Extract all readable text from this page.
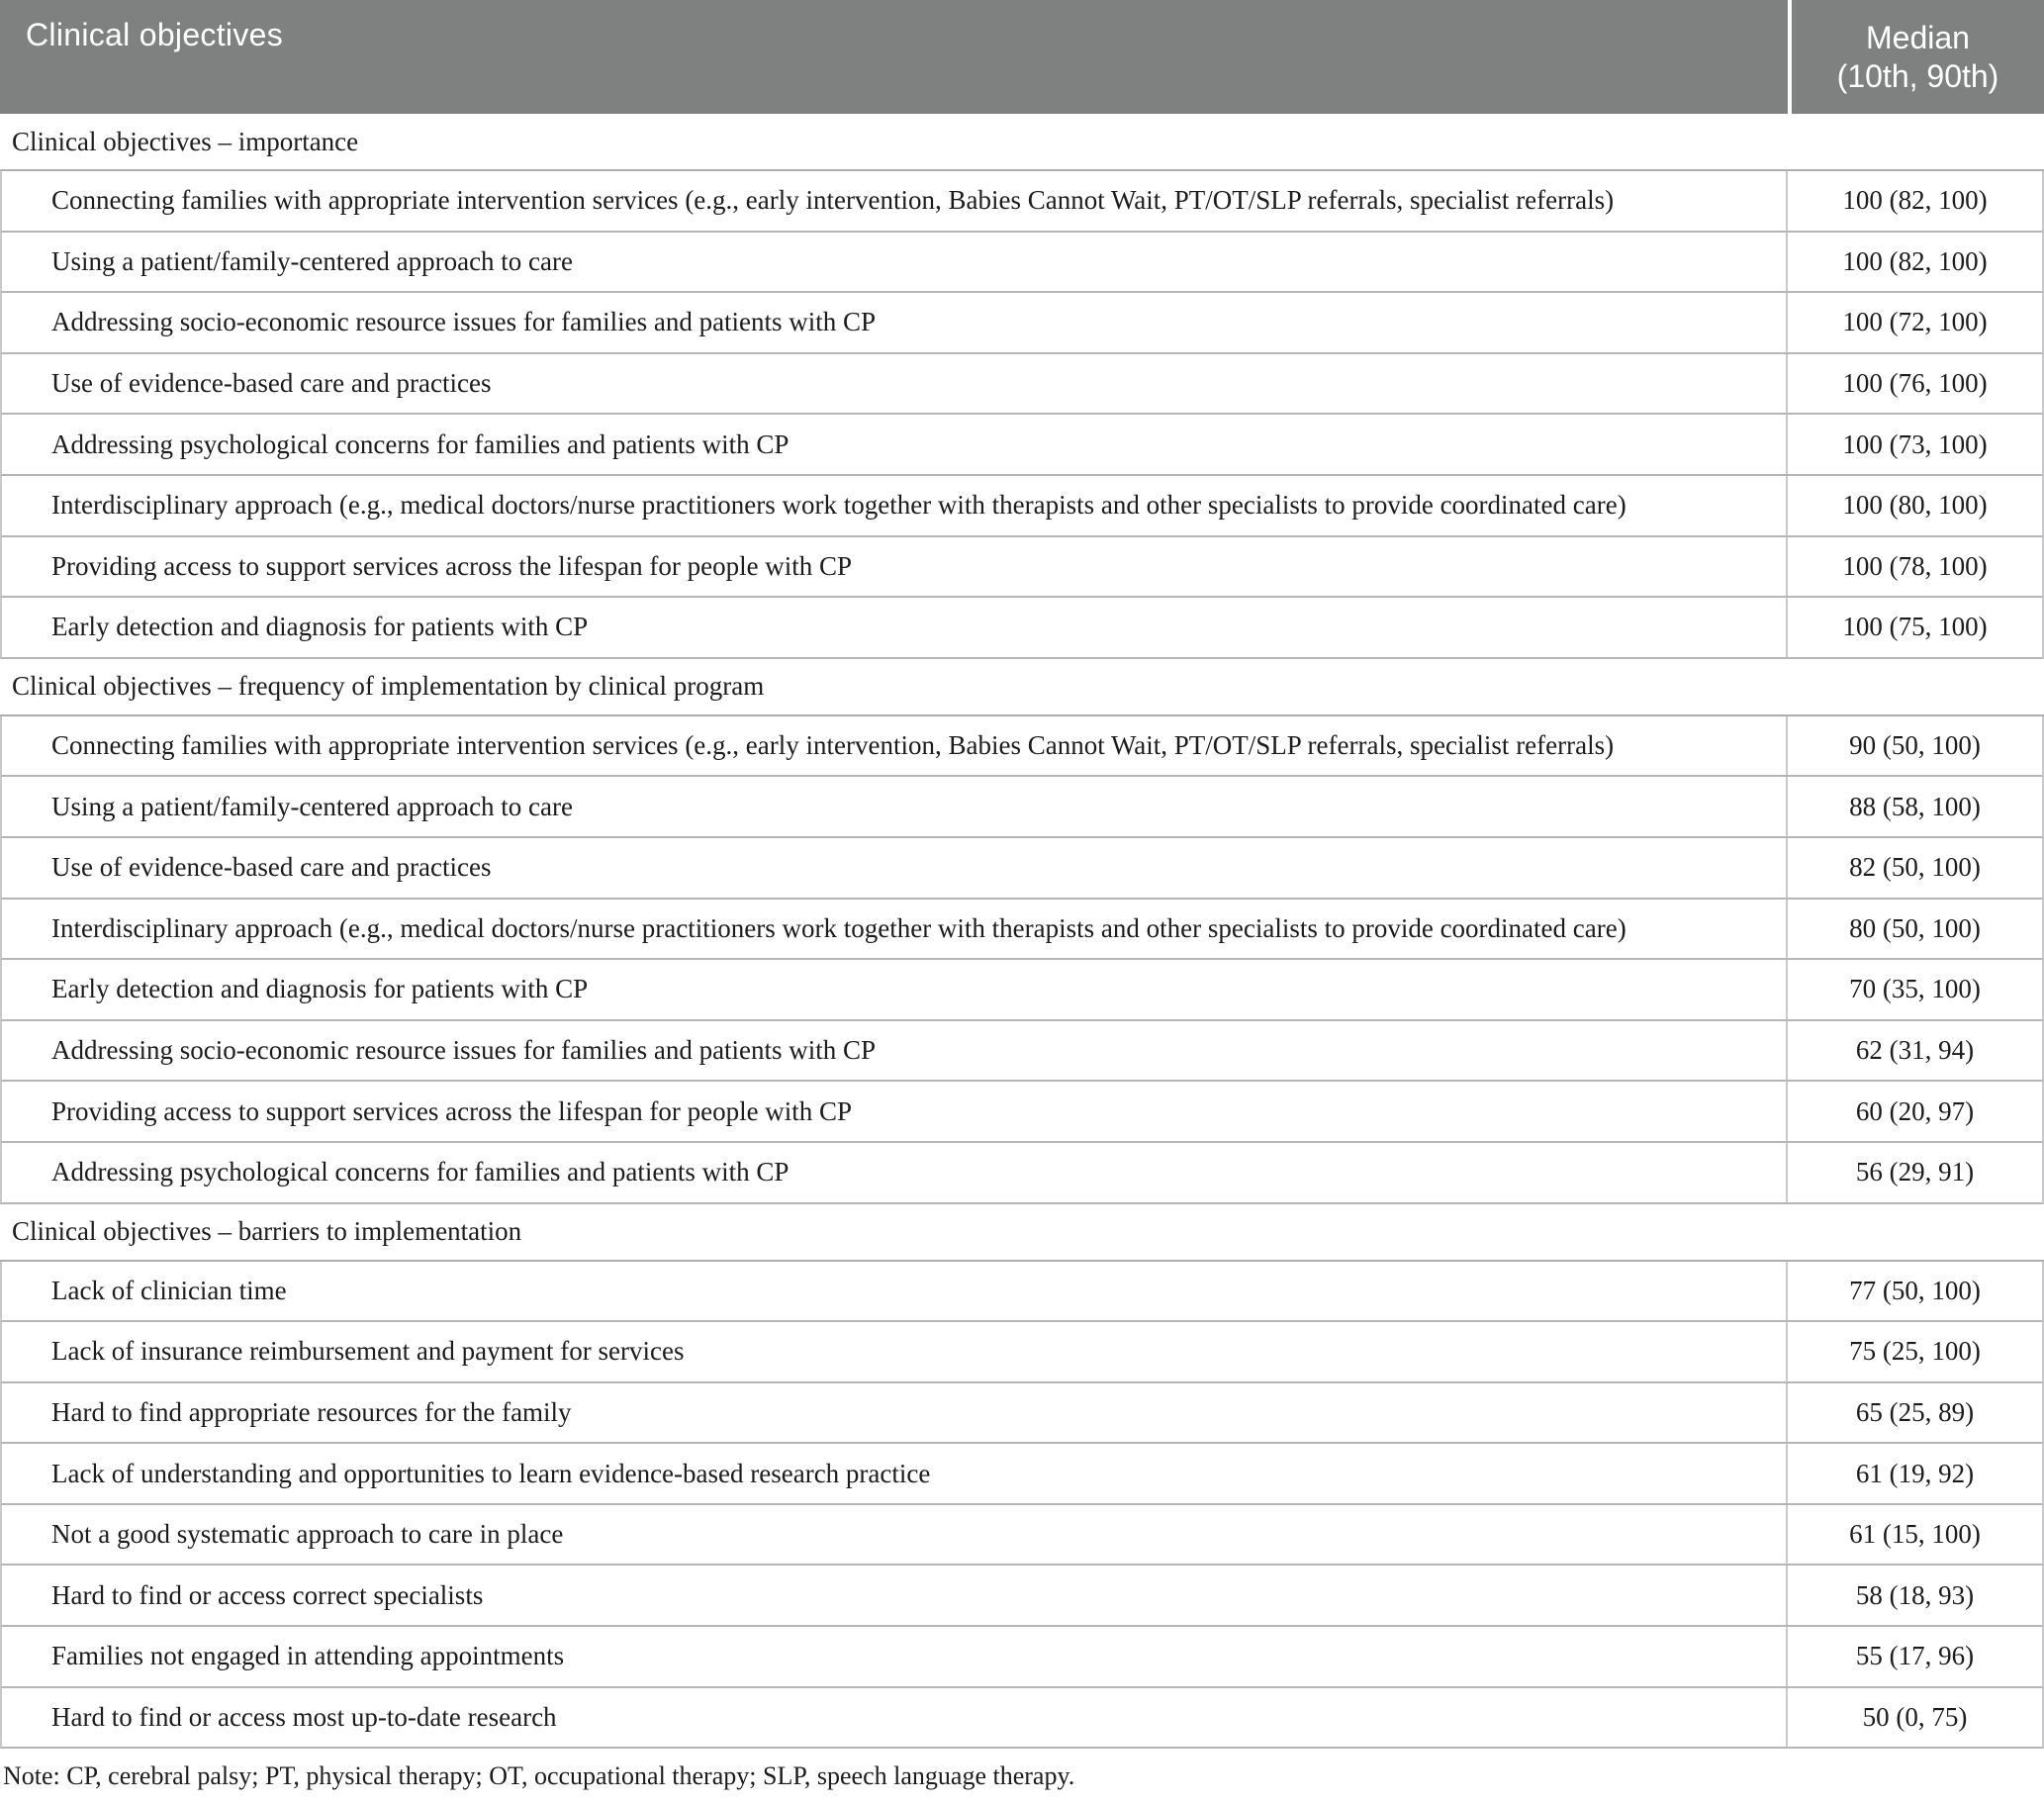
Clinical objectives	Median
(10th, 90th)
Clinical objectives – importance
Connecting families with appropriate intervention services (e.g., early intervention, Babies Cannot Wait, PT/OT/SLP referrals, specialist referrals)	100 (82, 100)
Using a patient/family-centered approach to care	100 (82, 100)
Addressing socio-economic resource issues for families and patients with CP	100 (72, 100)
Use of evidence-based care and practices	100 (76, 100)
Addressing psychological concerns for families and patients with CP	100 (73, 100)
Interdisciplinary approach (e.g., medical doctors/nurse practitioners work together with therapists and other specialists to provide coordinated care)	100 (80, 100)
Providing access to support services across the lifespan for people with CP	100 (78, 100)
Early detection and diagnosis for patients with CP	100 (75, 100)
Clinical objectives – frequency of implementation by clinical program
Connecting families with appropriate intervention services (e.g., early intervention, Babies Cannot Wait, PT/OT/SLP referrals, specialist referrals)	90 (50, 100)
Using a patient/family-centered approach to care	88 (58, 100)
Use of evidence-based care and practices	82 (50, 100)
Interdisciplinary approach (e.g., medical doctors/nurse practitioners work together with therapists and other specialists to provide coordinated care)	80 (50, 100)
Early detection and diagnosis for patients with CP	70 (35, 100)
Addressing socio-economic resource issues for families and patients with CP	62 (31, 94)
Providing access to support services across the lifespan for people with CP	60 (20, 97)
Addressing psychological concerns for families and patients with CP	56 (29, 91)
Clinical objectives – barriers to implementation
Lack of clinician time	77 (50, 100)
Lack of insurance reimbursement and payment for services	75 (25, 100)
Hard to find appropriate resources for the family	65 (25, 89)
Lack of understanding and opportunities to learn evidence-based research practice	61 (19, 92)
Not a good systematic approach to care in place	61 (15, 100)
Hard to find or access correct specialists	58 (18, 93)
Families not engaged in attending appointments	55 (17, 96)
Hard to find or access most up-to-date research	50 (0, 75)
Note: CP, cerebral palsy; PT, physical therapy; OT, occupational therapy; SLP, speech language therapy.
